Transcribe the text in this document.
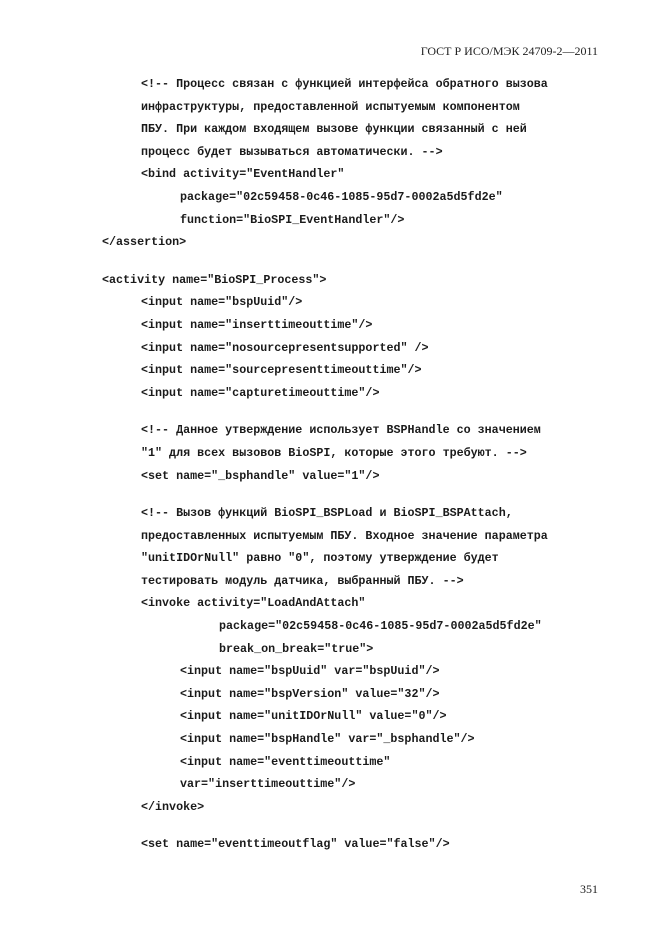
ГОСТ Р ИСО/МЭК 24709-2—2011
<!-- Процесс связан с функцией интерфейса обратного вызова
инфраструктуры, предоставленной испытуемым компонентом
ПБУ. При каждом входящем вызове функции связанный с ней
процесс будет вызываться автоматически. -->
<bind activity="EventHandler"
package="02c59458-0c46-1085-95d7-0002a5d5fd2e"
function="BioSPI_EventHandler"/>
</assertion>
<activity name="BioSPI_Process">
<input name="bspUuid"/>
<input name="inserttimeouttime"/>
<input name="nosourcepresentsupported" />
<input name="sourcepresenttimeouttime"/>
<input name="capturetimeouttime"/>
<!-- Данное утверждение использует BSPHandle со значением
"1" для всех вызовов BioSPI, которые этого требуют. -->
<set name="_bsphandle" value="1"/>
<!-- Вызов функций BioSPI_BSPLoad и BioSPI_BSPAttach,
предоставленных испытуемым ПБУ. Входное значение параметра
"unitIDOrNull" равно "0", поэтому утверждение будет
тестировать модуль датчика, выбранный ПБУ. -->
<invoke activity="LoadAndAttach"
package="02c59458-0c46-1085-95d7-0002a5d5fd2e"
break_on_break="true">
<input name="bspUuid" var="bspUuid"/>
<input name="bspVersion" value="32"/>
<input name="unitIDOrNull" value="0"/>
<input name="bspHandle" var="_bsphandle"/>
<input name="eventtimeouttime"
var="inserttimeouttime"/>
</invoke>
<set name="eventtimeoutflag" value="false"/>
351
